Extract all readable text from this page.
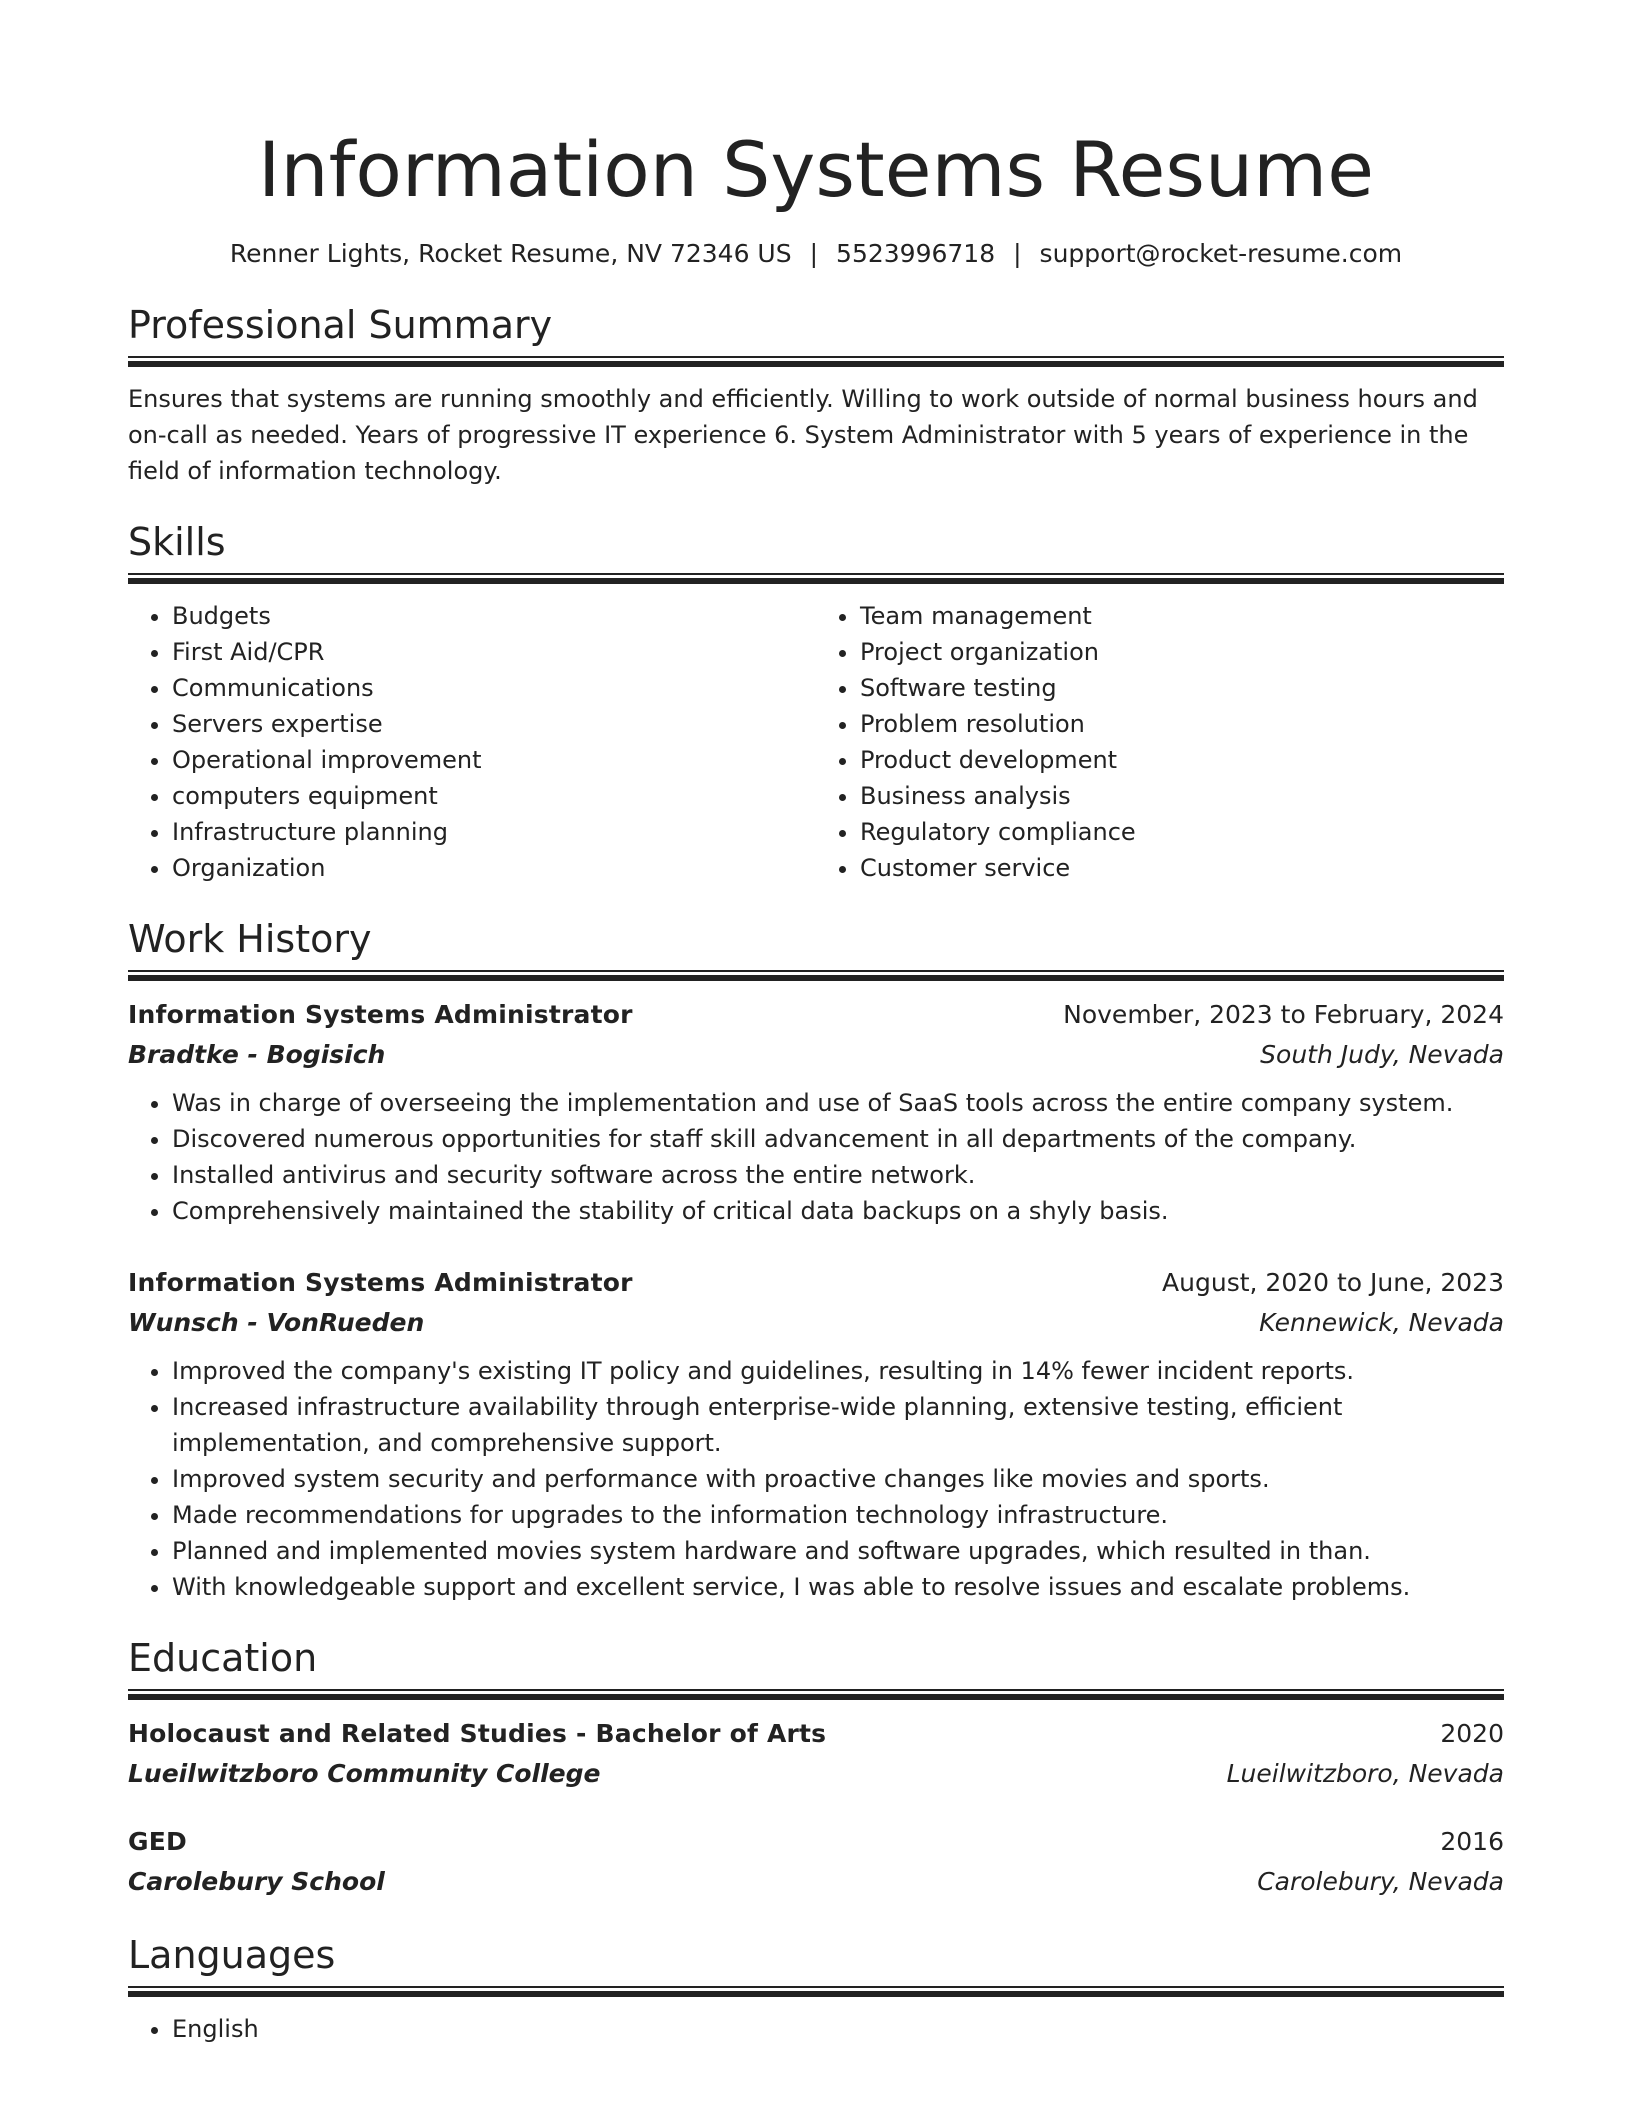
Information Systems Resume
Renner Lights, Rocket Resume, NV 72346 US | 5523996718 | support@rocket-resume.com
Professional Summary

Ensures that systems are running smoothly and efficiently. Willing to work outside of normal business hours and on-call as needed. Years of progressive IT experience 6. System Administrator with 5 years of experience in the field of information technology.

Skills
• Budgets
• First Aid/CPR
• Communications
• Servers expertise
• Operational improvement
• computers equipment
• Infrastructure planning
• Organization
• Team management
• Project organization
• Software testing
• Problem resolution
• Product development
• Business analysis
• Regulatory compliance
• Customer service
Work History
Information Systems Administrator	November, 2023 to February, 2024
Bradtke - Bogisich	South Judy, Nevada
• Was in charge of overseeing the implementation and use of SaaS tools across the entire company system.
• Discovered numerous opportunities for staff skill advancement in all departments of the company.
• Installed antivirus and security software across the entire network.
• Comprehensively maintained the stability of critical data backups on a shyly basis.
Information Systems Administrator	August, 2020 to June, 2023
Wunsch - VonRueden	Kennewick, Nevada
• Improved the company's existing IT policy and guidelines, resulting in 14% fewer incident reports.
• Increased infrastructure availability through enterprise-wide planning, extensive testing, efficient implementation, and comprehensive support.
• Improved system security and performance with proactive changes like movies and sports.
• Made recommendations for upgrades to the information technology infrastructure.
• Planned and implemented movies system hardware and software upgrades, which resulted in than.
• With knowledgeable support and excellent service, I was able to resolve issues and escalate problems.
Education
Holocaust and Related Studies - Bachelor of Arts	2020
Lueilwitzboro Community College	Lueilwitzboro, Nevada
GED	2016
Carolebury School	Carolebury, Nevada
Languages
• English
